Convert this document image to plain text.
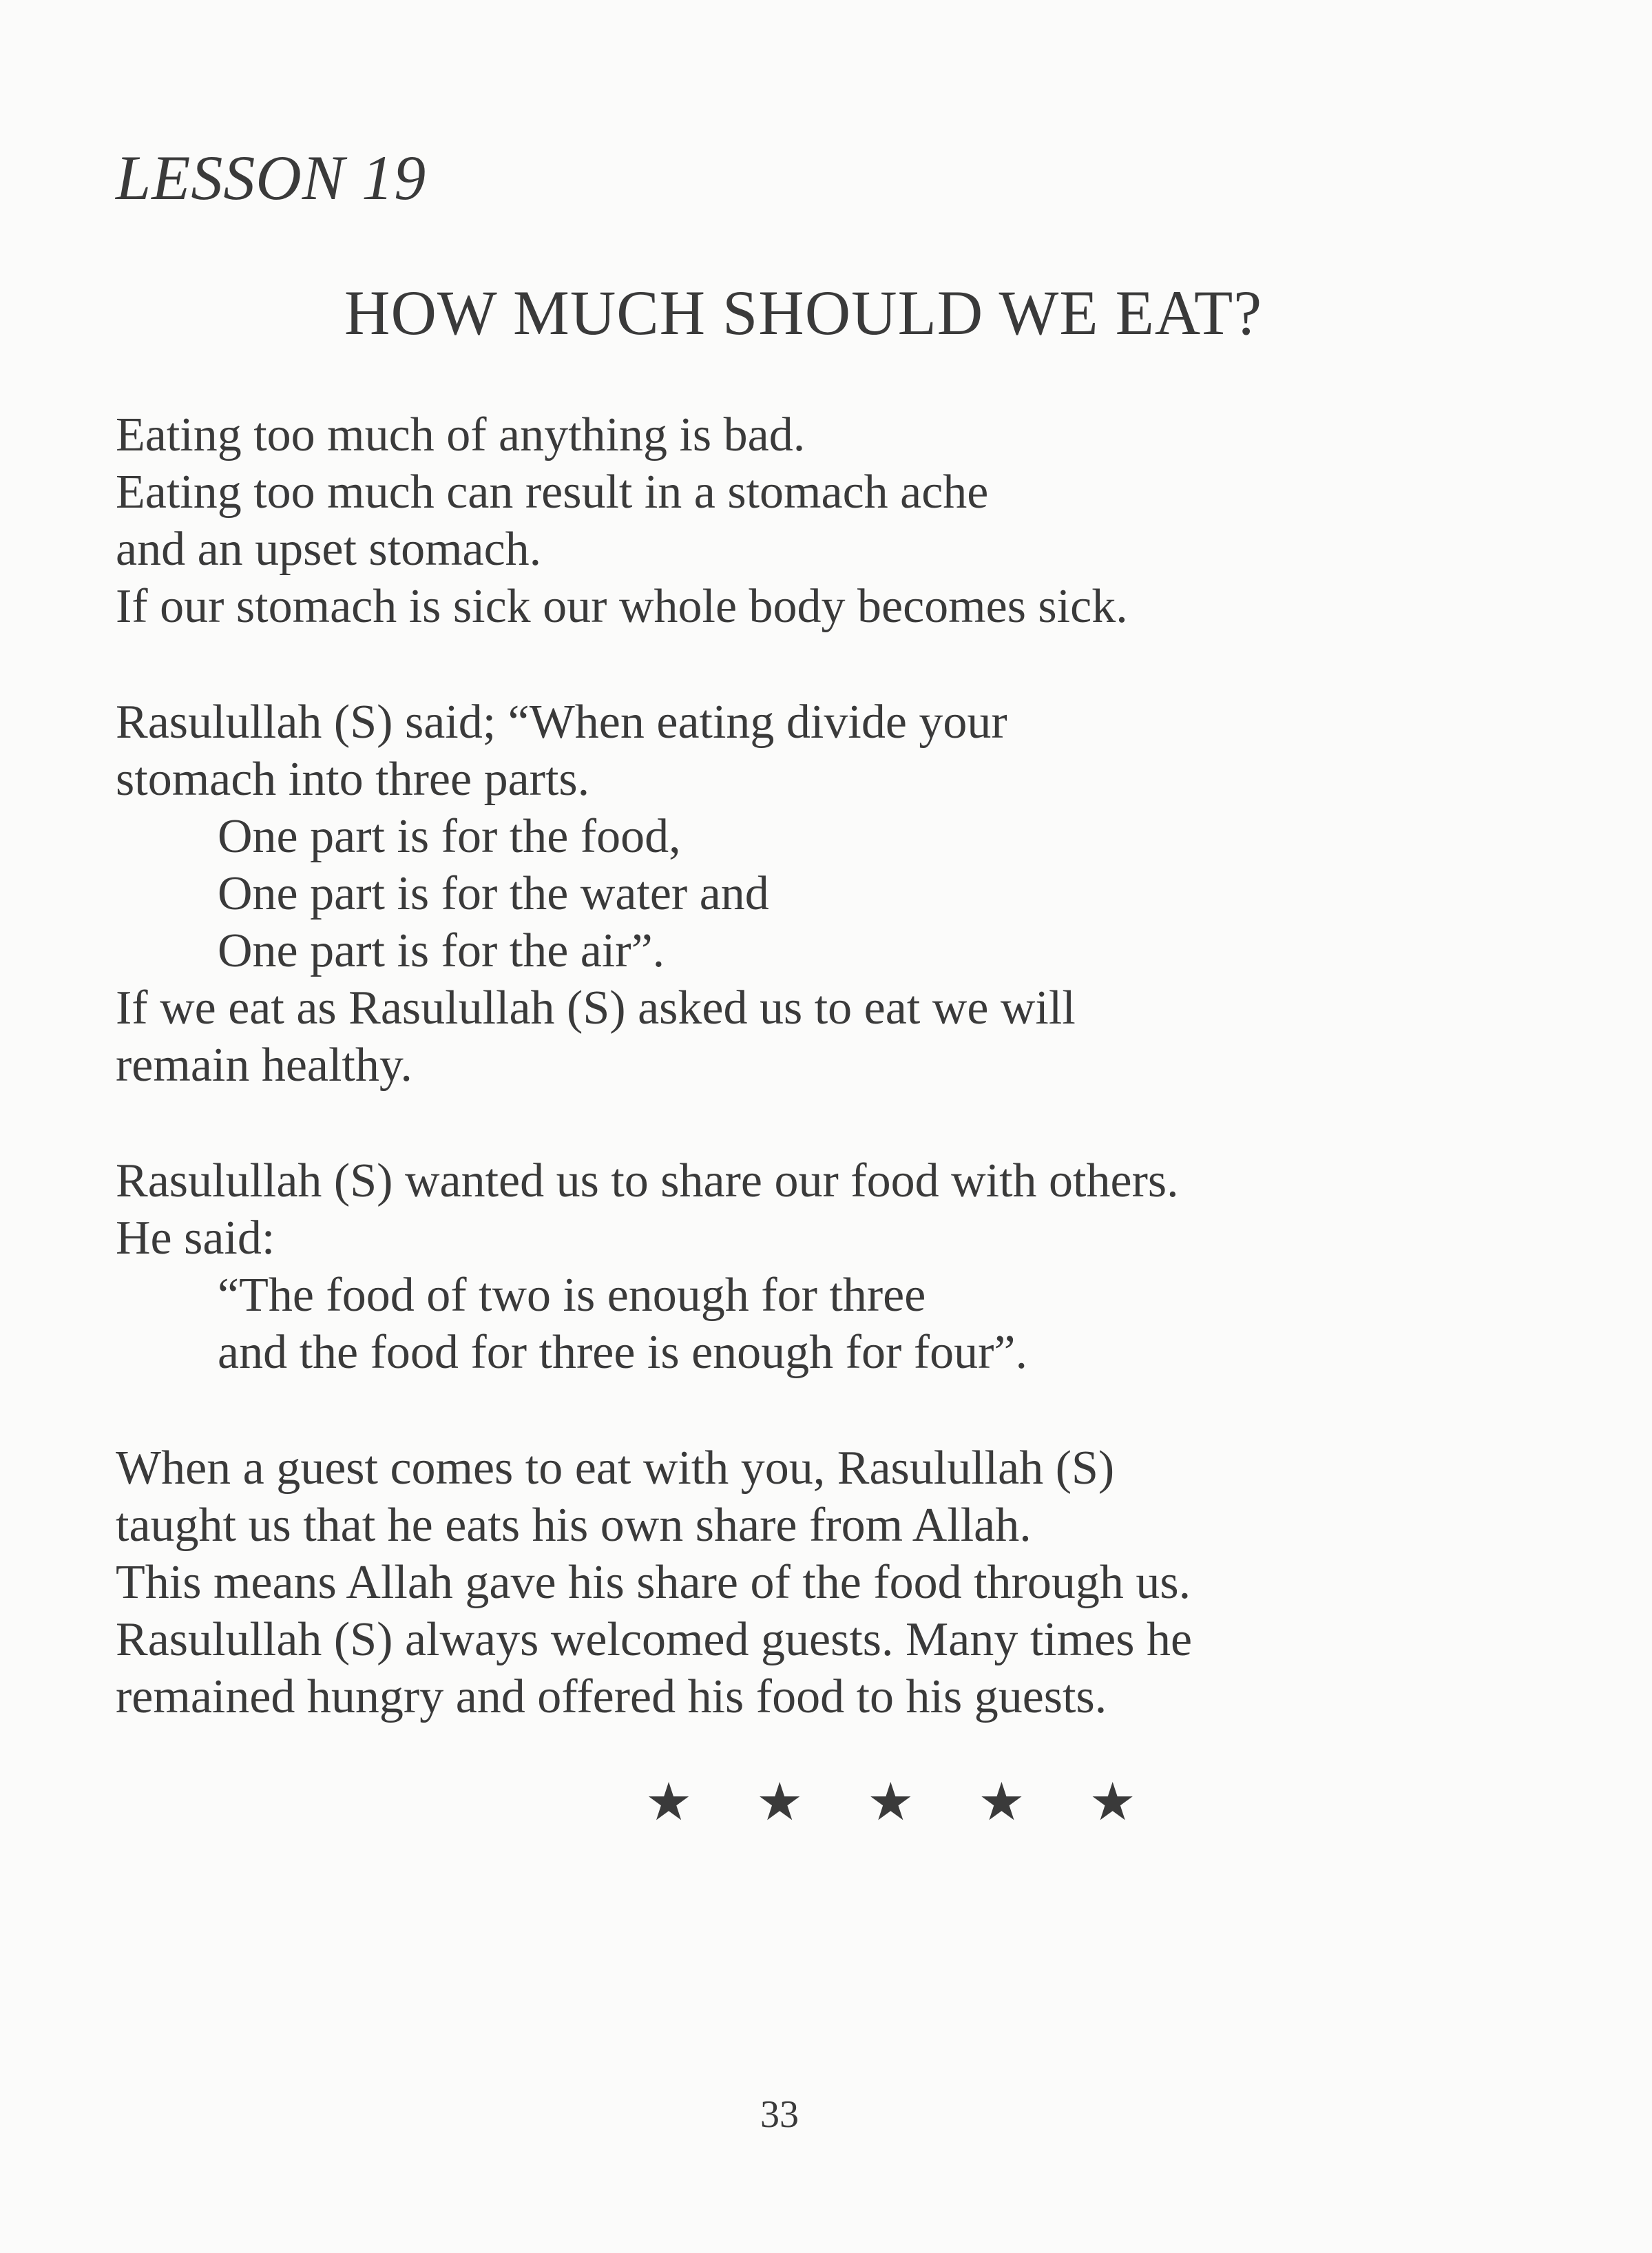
LESSON 19
HOW MUCH SHOULD WE EAT?
Eating too much of anything is bad.
Eating too much can result in a stomach ache
and an upset stomach.
If our stomach is sick our whole body becomes sick.
Rasulullah (S) said; “When eating divide your
stomach into three parts.
One part is for the food,
One part is for the water and
One part is for the air”.
If we eat as Rasulullah (S) asked us to eat we will
remain healthy.
Rasulullah (S) wanted us to share our food with others.
He said:
“The food of two is enough for three
and the food for three is enough for four”.
When a guest comes to eat with you, Rasulullah (S)
taught us that he eats his own share from Allah.
This means Allah gave his share of the food through us.
Rasulullah (S) always welcomed guests. Many times he
remained hungry and offered his food to his guests.
★ ★ ★ ★ ★
33
